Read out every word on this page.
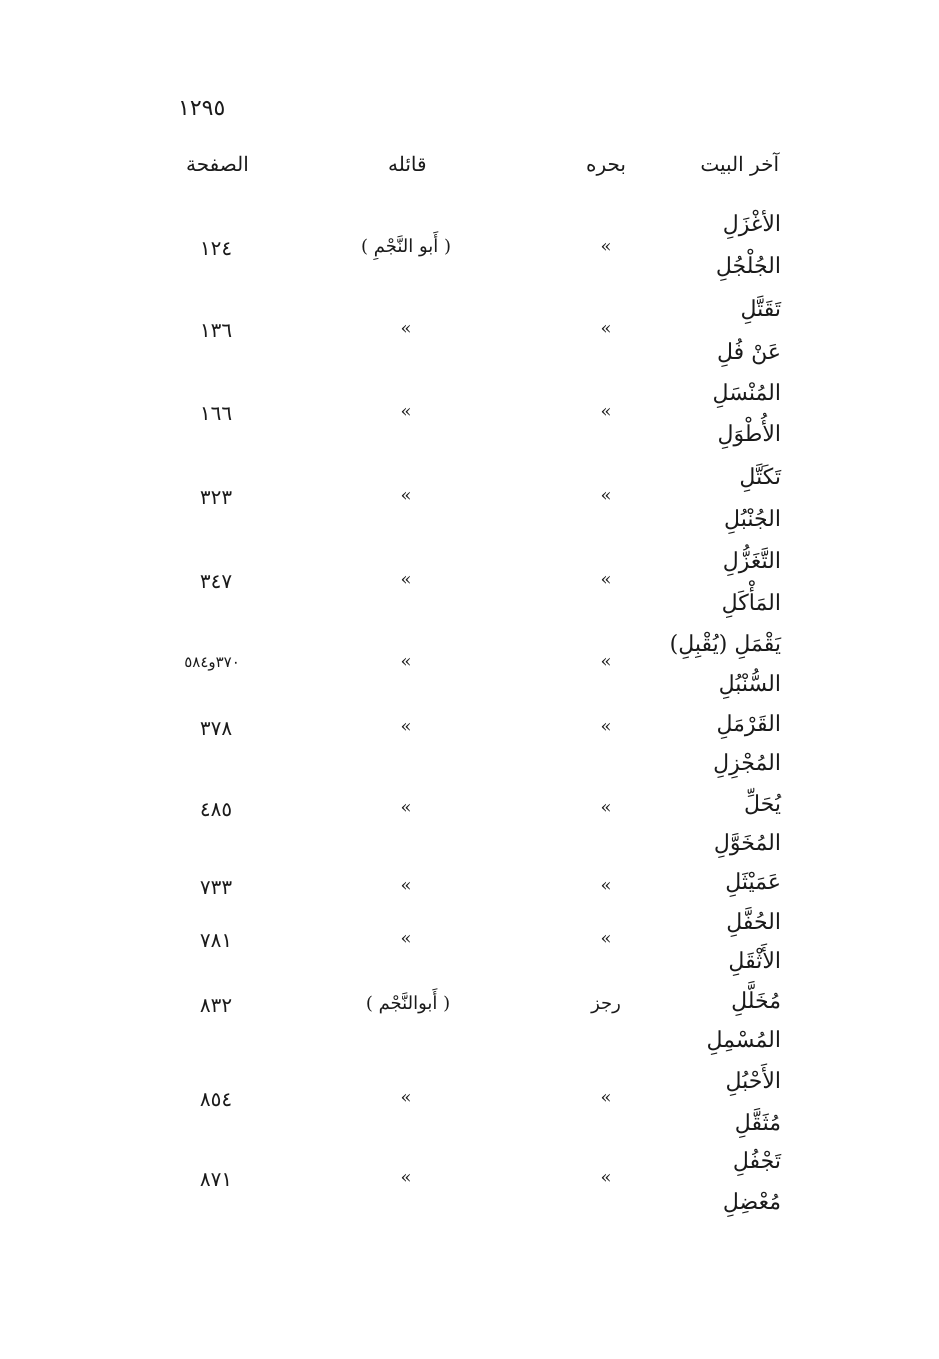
١٢٩٥
آخر البيت
بحره
قائله
الصفحة
الأغْزَلِ
الجُلْجُلِ
تَقَتَّلِ
عَنْ فُلِ
المُنْسَلِ
الأُطْوَلِ
تَكَتَّلِ
الجُنْبُلِ
التَّغَزُّلِ
المَأْكَلِ
يَقْمَلِ (يُقْبِلِ)
السُّنْبُلِ
القَرْمَلِ
المُجْزِلِ
يُحَلِّ
المُخَوَّلِ
عَمَيْثَلِ
الحُفَّلِ
الأَثْقَلِ
مُخَلَّلِ
المُسْمِلِ
الأَحْبُلِ
مُثَقَّلِ
تَجْفُلِ
مُعْضِلِ
»
( أَبو النَّجْمِ )
١٢٤
»
»
١٣٦
»
»
١٦٦
»
»
٣٢٣
»
»
٣٤٧
»
»
٣٧٠و٥٨٤
»
»
٣٧٨
»
»
٤٨٥
»
»
٧٣٣
»
»
٧٨١
رجز
( أَبوالنَّجْم )
٨٣٢
»
»
٨٥٤
»
»
٨٧١
